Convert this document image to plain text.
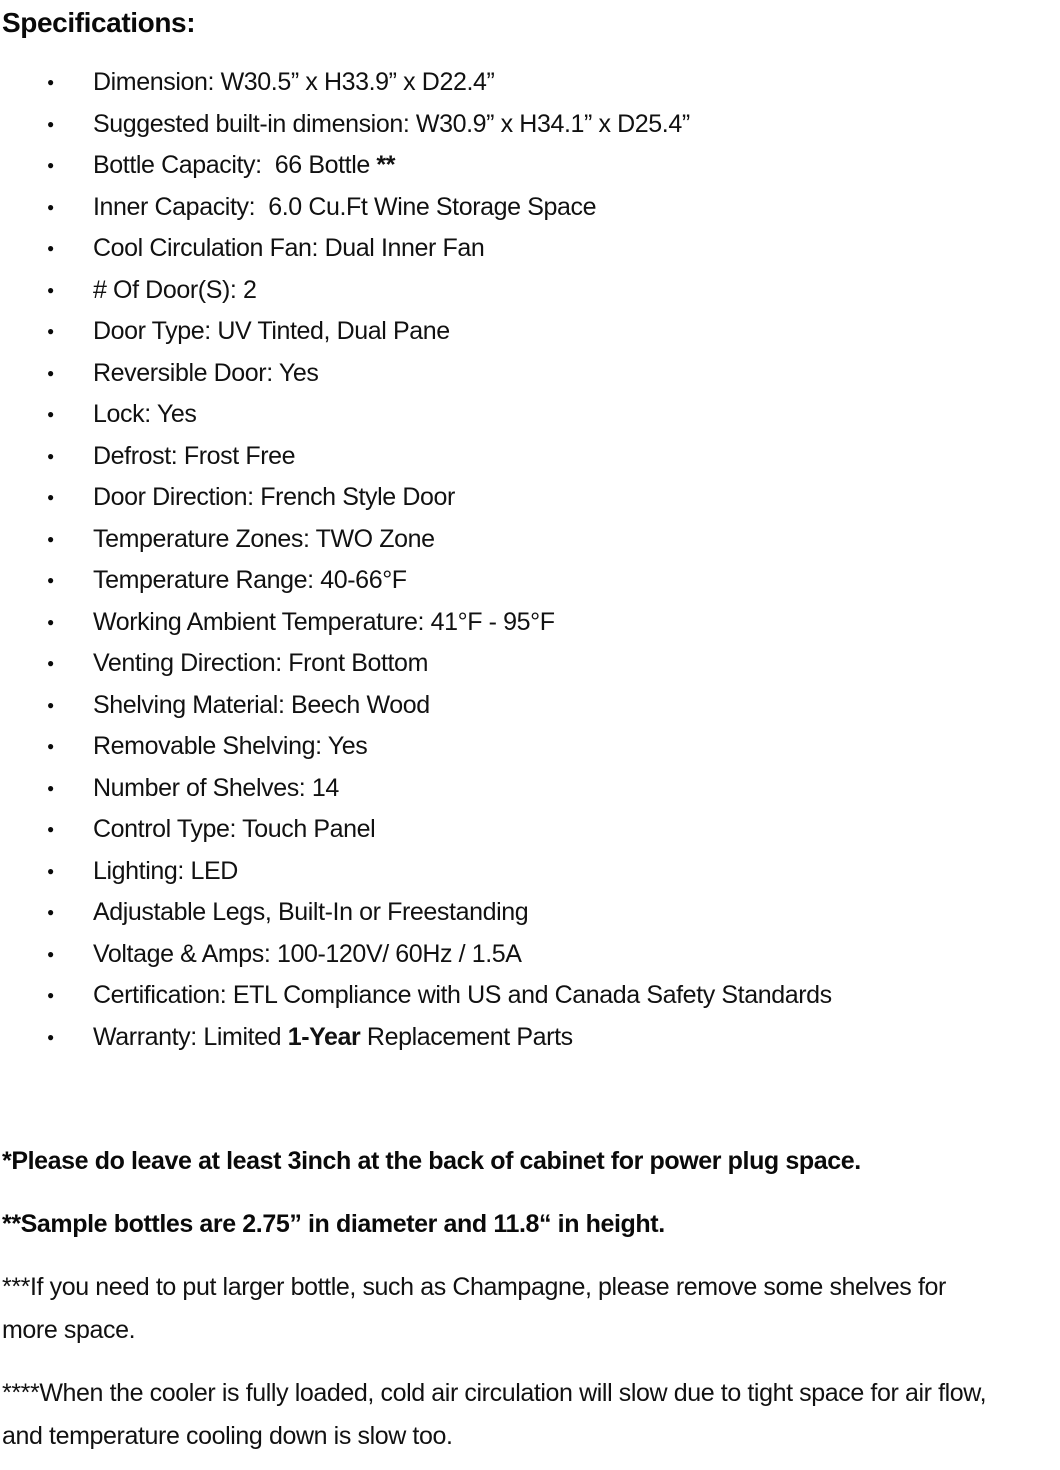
Specifications:
● Dimension: W30.5” x H33.9” x D22.4”
● Suggested built-in dimension: W30.9” x H34.1” x D25.4”
● Bottle Capacity:  66 Bottle **
● Inner Capacity:  6.0 Cu.Ft Wine Storage Space
● Cool Circulation Fan: Dual Inner Fan
● # Of Door(S): 2
● Door Type: UV Tinted, Dual Pane
● Reversible Door: Yes
● Lock: Yes
● Defrost: Frost Free
● Door Direction: French Style Door
● Temperature Zones: TWO Zone
● Temperature Range: 40-66°F
● Working Ambient Temperature: 41°F - 95°F
● Venting Direction: Front Bottom
● Shelving Material: Beech Wood
● Removable Shelving: Yes
● Number of Shelves: 14
● Control Type: Touch Panel
● Lighting: LED
● Adjustable Legs, Built-In or Freestanding
● Voltage & Amps: 100-120V/ 60Hz / 1.5A
● Certification: ETL Compliance with US and Canada Safety Standards
● Warranty: Limited 1-Year Replacement Parts

*Please do leave at least 3inch at the back of cabinet for power plug space.

**Sample bottles are 2.75” in diameter and 11.8“ in height.

***If you need to put larger bottle, such as Champagne, please remove some shelves for more space.

****When the cooler is fully loaded, cold air circulation will slow due to tight space for air flow, and temperature cooling down is slow too.
